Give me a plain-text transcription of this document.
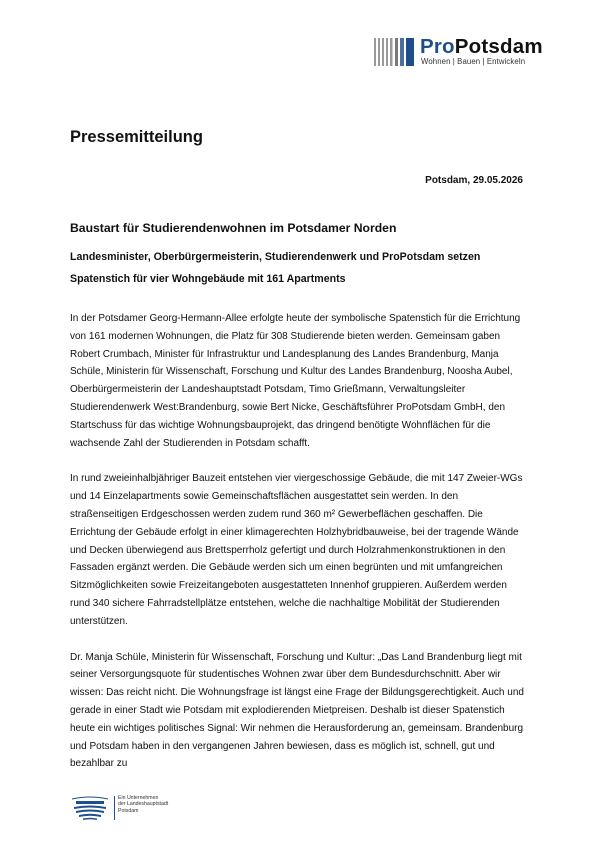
ProPotsdam
Wohnen | Bauen | Entwickeln
Pressemitteilung
Potsdam, 29.05.2026
Baustart für Studierendenwohnen im Potsdamer Norden
Landesminister, Oberbürgermeisterin, Studierendenwerk und ProPotsdam setzen Spatenstich für vier Wohngebäude mit 161 Apartments

In der Potsdamer Georg-Hermann-Allee erfolgte heute der symbolische Spatenstich für die Errichtung von 161 modernen Wohnungen, die Platz für 308 Studierende bieten werden. Gemeinsam gaben Robert Crumbach, Minister für Infrastruktur und Landesplanung des Landes Brandenburg, Manja Schüle, Ministerin für Wissenschaft, Forschung und Kultur des Landes Brandenburg, Noosha Aubel, Oberbürgermeisterin der Landeshauptstadt Potsdam, Timo Grießmann, Verwaltungsleiter Studierendenwerk West:Brandenburg, sowie Bert Nicke, Geschäftsführer ProPotsdam GmbH, den Startschuss für das wichtige Wohnungsbauprojekt, das dringend benötigte Wohnflächen für die wachsende Zahl der Studierenden in Potsdam schafft.

In rund zweieinhalbjähriger Bauzeit entstehen vier viergeschossige Gebäude, die mit 147 Zweier-WGs und 14 Einzelapartments sowie Gemeinschaftsflächen ausgestattet sein werden. In den straßenseitigen Erdgeschossen werden zudem rund 360 m² Gewerbeflächen geschaffen. Die Errichtung der Gebäude erfolgt in einer klimagerechten Holzhybridbauweise, bei der tragende Wände und Decken überwiegend aus Brettsperrholz gefertigt und durch Holzrahmenkonstruktionen in den Fassaden ergänzt werden. Die Gebäude werden sich um einen begrünten und mit umfangreichen Sitzmöglichkeiten sowie Freizeitangeboten ausgestatteten Innenhof gruppieren. Außerdem werden rund 340 sichere Fahrradstellplätze entstehen, welche die nachhaltige Mobilität der Studierenden unterstützen.

Dr. Manja Schüle, Ministerin für Wissenschaft, Forschung und Kultur: „Das Land Brandenburg liegt mit seiner Versorgungsquote für studentisches Wohnen zwar über dem Bundesdurchschnitt. Aber wir wissen: Das reicht nicht. Die Wohnungsfrage ist längst eine Frage der Bildungsgerechtigkeit. Auch und gerade in einer Stadt wie Potsdam mit explodierenden Mietpreisen. Deshalb ist dieser Spatenstich heute ein wichtiges politisches Signal: Wir nehmen die Herausforderung an, gemeinsam. Brandenburg und Potsdam haben in den vergangenen Jahren bewiesen, dass es möglich ist, schnell, gut und bezahlbar zu

Ein Unternehmen
der Landeshauptstadt
Potsdam
